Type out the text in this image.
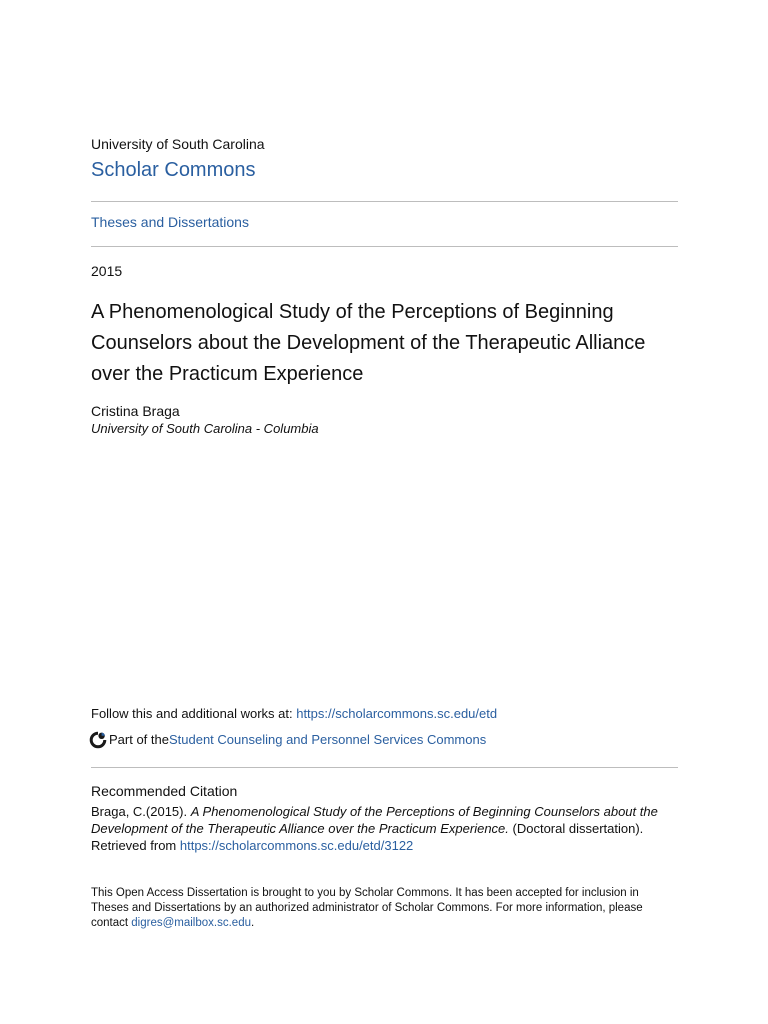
University of South Carolina
Scholar Commons
Theses and Dissertations
2015
A Phenomenological Study of the Perceptions of Beginning Counselors about the Development of the Therapeutic Alliance over the Practicum Experience
Cristina Braga
University of South Carolina - Columbia
Follow this and additional works at: https://scholarcommons.sc.edu/etd
Part of the Student Counseling and Personnel Services Commons
Recommended Citation
Braga, C.(2015). A Phenomenological Study of the Perceptions of Beginning Counselors about the Development of the Therapeutic Alliance over the Practicum Experience. (Doctoral dissertation).
Retrieved from https://scholarcommons.sc.edu/etd/3122
This Open Access Dissertation is brought to you by Scholar Commons. It has been accepted for inclusion in Theses and Dissertations by an authorized administrator of Scholar Commons. For more information, please contact digres@mailbox.sc.edu.
